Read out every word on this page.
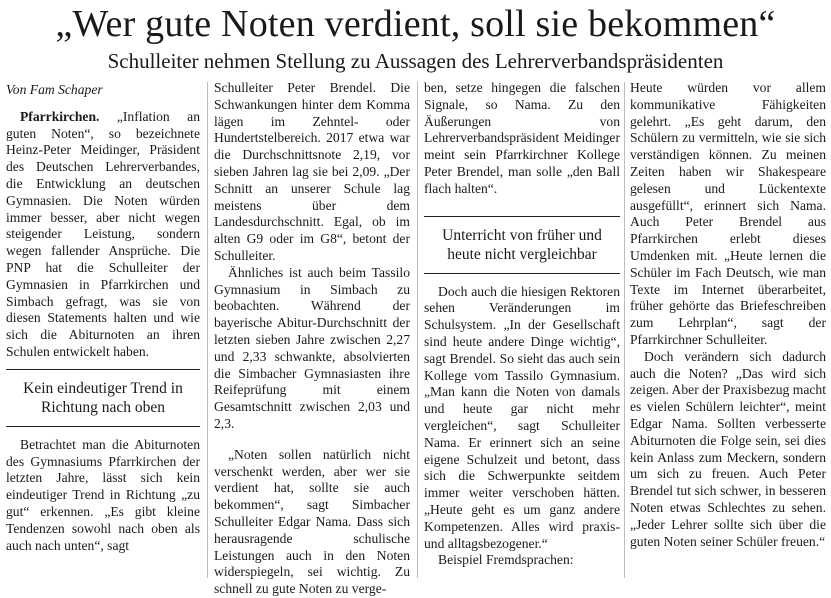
„Wer gute Noten verdient, soll sie bekommen“
Schulleiter nehmen Stellung zu Aussagen des Lehrerverbandspräsidenten
Von Fam Schaper

Pfarrkirchen. „Inflation an guten Noten“, so bezeichnete Heinz-Peter Meidinger, Präsident des Deutschen Lehrerverbandes, die Entwicklung an deutschen Gymnasien. Die Noten würden immer besser, aber nicht wegen steigender Leistung, sondern wegen fallender Ansprüche. Die PNP hat die Schulleiter der Gymnasien in Pfarrkirchen und Simbach gefragt, was sie von diesen Statements halten und wie sich die Abiturnoten an ihren Schulen entwickelt haben.

Kein eindeutiger Trend in Richtung nach oben

Betrachtet man die Abiturnoten des Gymnasiums Pfarrkirchen der letzten Jahre, lässt sich kein eindeutiger Trend in Richtung „zu gut“ erkennen. „Es gibt kleine Tendenzen sowohl nach oben als auch nach unten“, sagt

Schulleiter Peter Brendel. Die Schwankungen hinter dem Komma lägen im Zehntel- oder Hundertstelbereich. 2017 etwa war die Durchschnittsnote 2,19, vor sieben Jahren lag sie bei 2,09. „Der Schnitt an unserer Schule lag meistens über dem Landesdurchschnitt. Egal, ob im alten G9 oder im G8“, betont der Schulleiter.

Ähnliches ist auch beim Tassilo Gymnasium in Simbach zu beobachten. Während der bayerische Abitur-Durchschnitt der letzten sieben Jahre zwischen 2,27 und 2,33 schwankte, absolvierten die Simbacher Gymnasiasten ihre Reifeprüfung mit einem Gesamtschnitt zwischen 2,03 und 2,3.

„Noten sollen natürlich nicht verschenkt werden, aber wer sie verdient hat, sollte sie auch bekommen“, sagt Simbacher Schulleiter Edgar Nama. Dass sich herausragende schulische Leistungen auch in den Noten widerspiegeln, sei wichtig. Zu schnell zu gute Noten zu verge-

ben, setze hingegen die falschen Signale, so Nama. Zu den Äußerungen von Lehrerverbandspräsident Meidinger meint sein Pfarrkirchner Kollege Peter Brendel, man solle „den Ball flach halten“.

Unterricht von früher und heute nicht vergleichbar

Doch auch die hiesigen Rektoren sehen Veränderungen im Schulsystem. „In der Gesellschaft sind heute andere Dinge wichtig“, sagt Brendel. So sieht das auch sein Kollege vom Tassilo Gymnasium. „Man kann die Noten von damals und heute gar nicht mehr vergleichen“, sagt Schulleiter Nama. Er erinnert sich an seine eigene Schulzeit und betont, dass sich die Schwerpunkte seitdem immer weiter verschoben hätten. „Heute geht es um ganz andere Kompetenzen. Alles wird praxis- und alltagsbezogener.“

Beispiel Fremdsprachen:

Heute würden vor allem kommunikative Fähigkeiten gelehrt. „Es geht darum, den Schülern zu vermitteln, wie sie sich verständigen können. Zu meinen Zeiten haben wir Shakespeare gelesen und Lückentexte ausgefüllt“, erinnert sich Nama. Auch Peter Brendel aus Pfarrkirchen erlebt dieses Umdenken mit. „Heute lernen die Schüler im Fach Deutsch, wie man Texte im Internet überarbeitet, früher gehörte das Briefeschreiben zum Lehrplan“, sagt der Pfarrkirchner Schulleiter.

Doch verändern sich dadurch auch die Noten? „Das wird sich zeigen. Aber der Praxisbezug macht es vielen Schülern leichter“, meint Edgar Nama. Sollten verbesserte Abiturnoten die Folge sein, sei dies kein Anlass zum Meckern, sondern um sich zu freuen. Auch Peter Brendel tut sich schwer, in besseren Noten etwas Schlechtes zu sehen. „Jeder Lehrer sollte sich über die guten Noten seiner Schüler freuen.“
